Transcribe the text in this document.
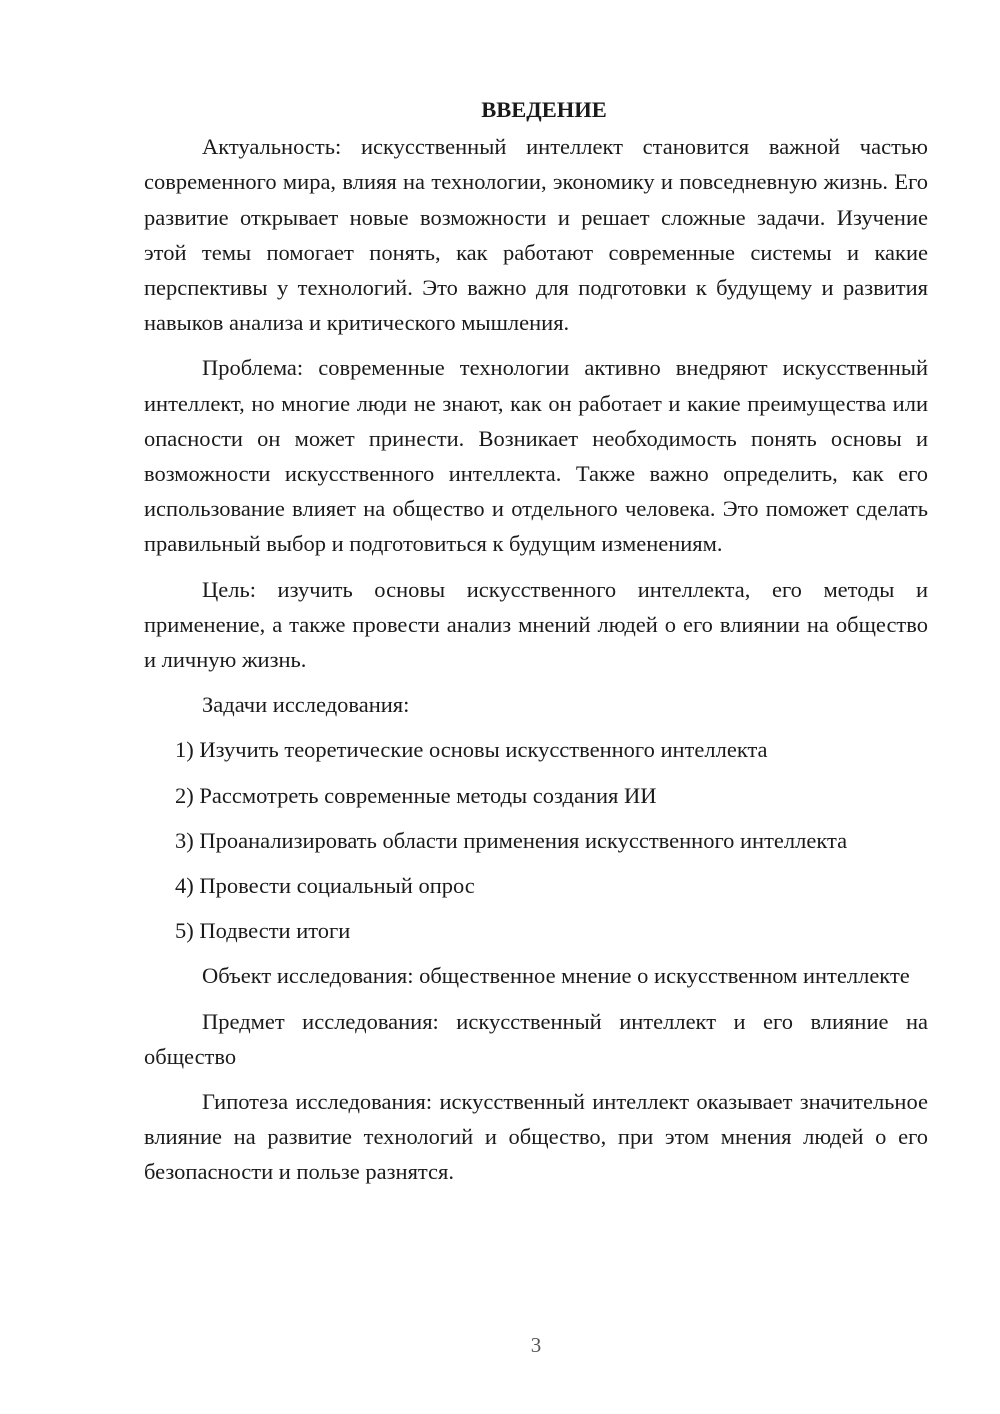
ВВЕДЕНИЕ

Актуальность: искусственный интеллект становится важной частью современного мира, влияя на технологии, экономику и повседневную жизнь. Его развитие открывает новые возможности и решает сложные задачи. Изучение этой темы помогает понять, как работают современные системы и какие перспективы у технологий. Это важно для подготовки к будущему и развития навыков анализа и критического мышления.

Проблема: современные технологии активно внедряют искусственный интеллект, но многие люди не знают, как он работает и какие преимущества или опасности он может принести. Возникает необходимость понять основы и возможности искусственного интеллекта. Также важно определить, как его использование влияет на общество и отдельного человека. Это поможет сделать правильный выбор и подготовиться к будущим изменениям.

Цель: изучить основы искусственного интеллекта, его методы и применение, а также провести анализ мнений людей о его влиянии на общество и личную жизнь.

Задачи исследования:

1) Изучить теоретические основы искусственного интеллекта
2) Рассмотреть современные методы создания ИИ
3) Проанализировать области применения искусственного интеллекта
4) Провести социальный опрос
5) Подвести итоги

Объект исследования: общественное мнение о искусственном интеллекте

Предмет исследования: искусственный интеллект и его влияние на общество

Гипотеза исследования: искусственный интеллект оказывает значительное влияние на развитие технологий и общество, при этом мнения людей о его безопасности и пользе разнятся.

3
